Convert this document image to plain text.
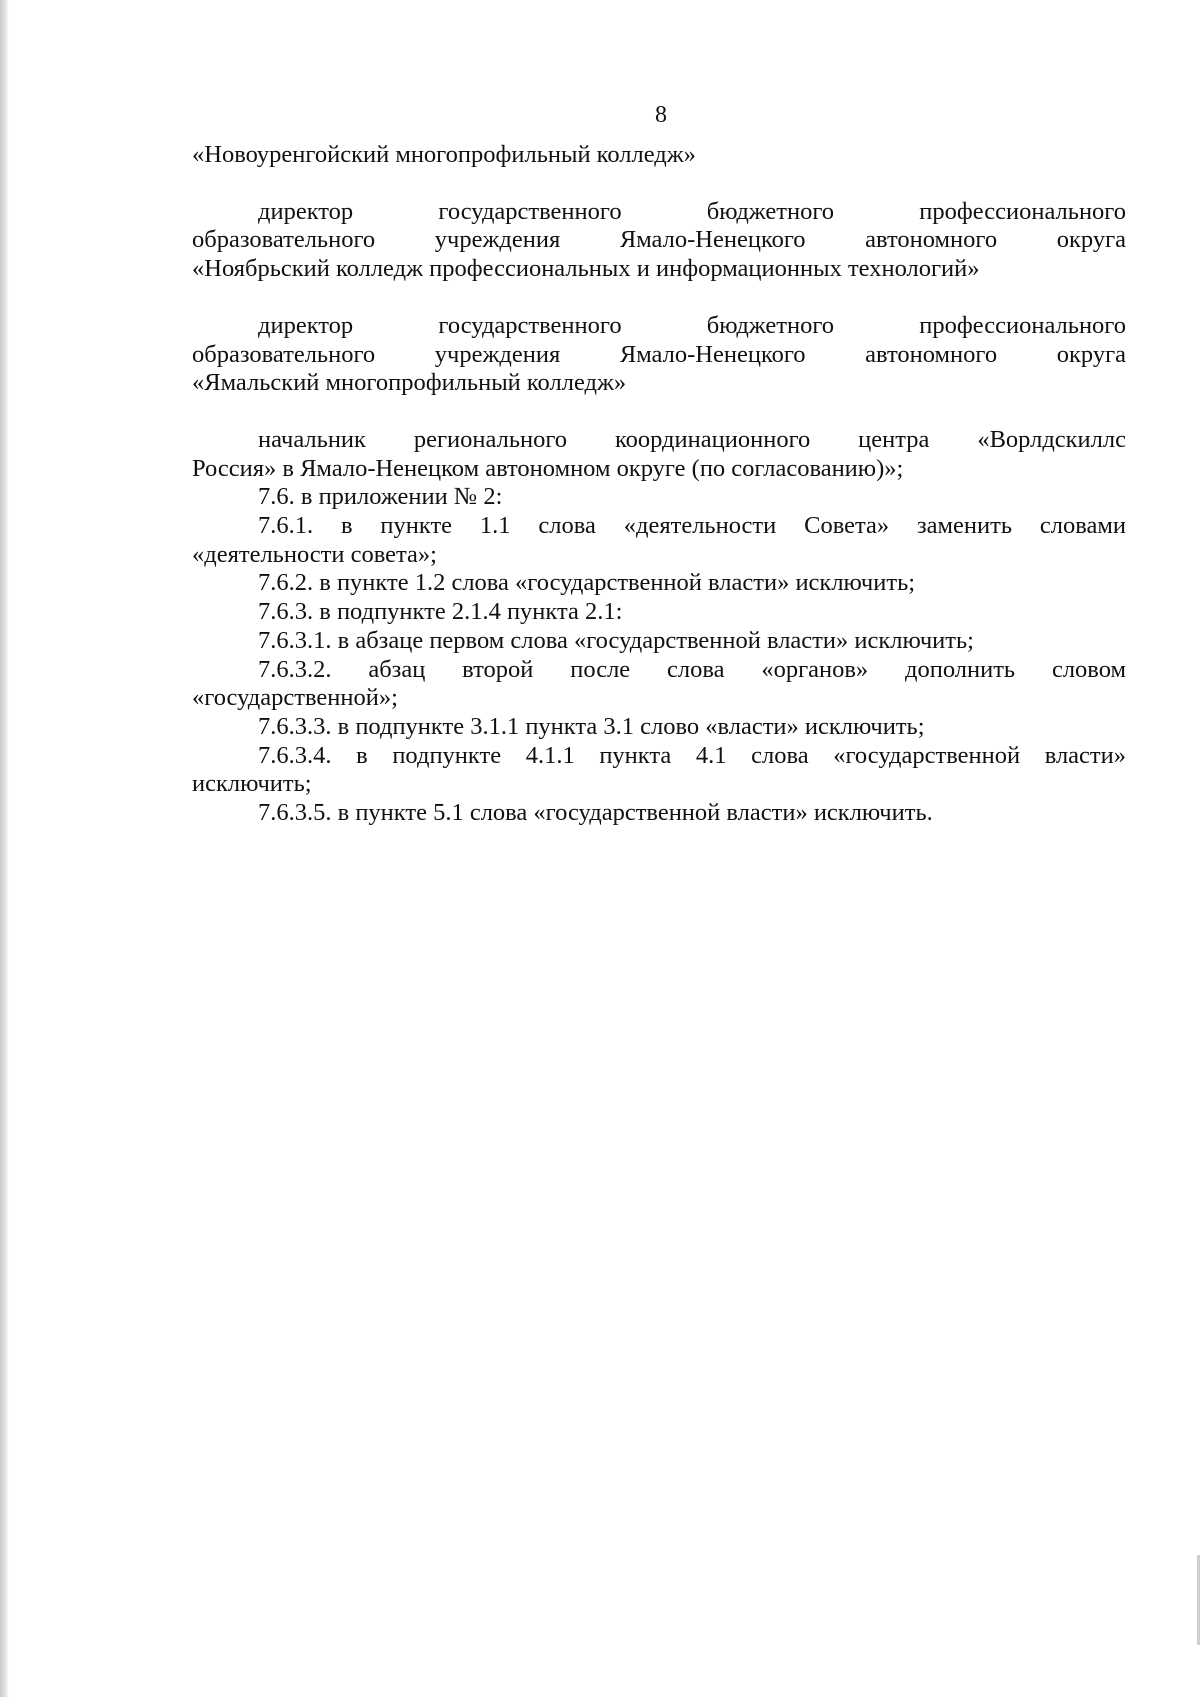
8
«Новоуренгойский многопрофильный колледж»
директор государственного бюджетного профессионального
образовательного учреждения Ямало-Ненецкого автономного округа
«Ноябрьский колледж профессиональных и информационных технологий»
директор государственного бюджетного профессионального
образовательного учреждения Ямало-Ненецкого автономного округа
«Ямальский многопрофильный колледж»
начальник регионального координационного центра «Ворлдскиллс
Россия» в Ямало-Ненецком автономном округе (по согласованию)»;
7.6. в приложении № 2:
7.6.1. в пункте 1.1 слова «деятельности Совета» заменить словами
«деятельности совета»;
7.6.2. в пункте 1.2 слова «государственной власти» исключить;
7.6.3. в подпункте 2.1.4 пункта 2.1:
7.6.3.1. в абзаце первом слова «государственной власти» исключить;
7.6.3.2. абзац второй после слова «органов» дополнить словом
«государственной»;
7.6.3.3. в подпункте 3.1.1 пункта 3.1 слово «власти» исключить;
7.6.3.4. в подпункте 4.1.1 пункта 4.1 слова «государственной власти»
исключить;
7.6.3.5. в пункте 5.1 слова «государственной власти» исключить.
